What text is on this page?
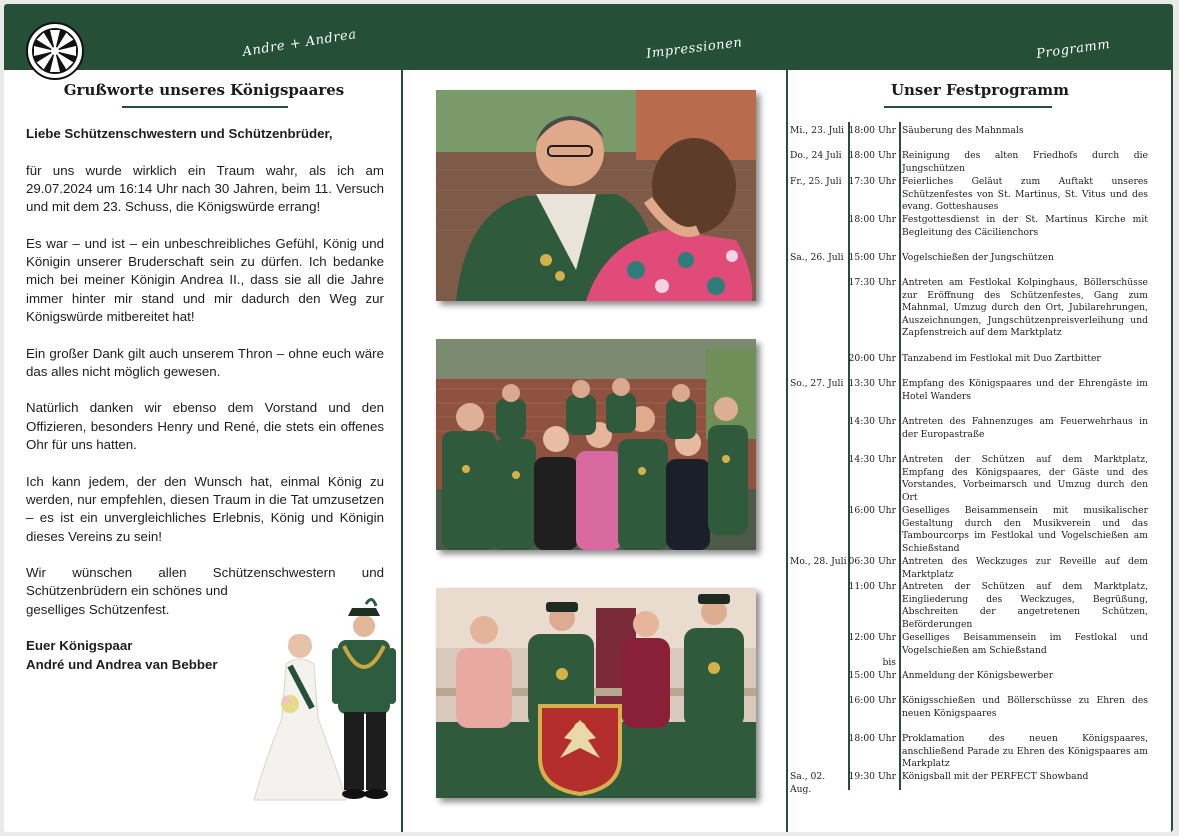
Andre + Andrea	Impressionen	Programm
Grußworte unseres Königspaares

Liebe Schützenschwestern und Schützenbrüder,

für uns wurde wirklich ein Traum wahr, als ich am 29.07.2024 um 16:14 Uhr nach 30 Jahren, beim 11. Versuch und mit dem 23. Schuss, die Königswürde errang!

Es war – und ist – ein unbeschreibliches Gefühl, König und Königin unserer Bruderschaft sein zu dürfen. Ich bedanke mich bei meiner Königin Andrea II., dass sie all die Jahre immer hinter mir stand und mir dadurch den Weg zur Königswürde mitbereitet hat!

Ein großer Dank gilt auch unserem Thron – ohne euch wäre das alles nicht möglich gewesen.

Natürlich danken wir ebenso dem Vorstand und den Offizieren, besonders Henry und René, die stets ein offenes Ohr für uns hatten.

Ich kann jedem, der den Wunsch hat, einmal König zu werden, nur empfehlen, diesen Traum in die Tat umzusetzen – es ist ein unvergleichliches Erlebnis, König und Königin dieses Vereins zu sein!

Wir wünschen allen Schützenschwestern und

Schützenbrüdern ein schönes und geselliges Schützenfest.

Euer Königspaar

André und Andrea van Bebber

Unser Festprogramm
Mi., 23. Juli 18:00 Uhr Säuberung des Mahnmals
Do., 24 Juli 18:00 Uhr Reinigung des alten Friedhofs durch die Jungschützen
Fr., 25. Juli 17:30 Uhr Feierliches Geläut zum Auftakt unseres Schützenfestes von St. Martinus, St. Vitus und des evang. Gotteshauses
18:00 Uhr Festgottesdienst in der St. Martinus Kirche mit Begleitung des Cäcilienchors
Sa., 26. Juli 15:00 Uhr Vogelschießen der Jungschützen
17:30 Uhr Antreten am Festlokal Kolpinghaus, Böllerschüsse zur Eröffnung des Schützenfestes, Gang zum Mahnmal, Umzug durch den Ort, Jubilarehrungen, Auszeichnungen, Jungschützenpreisverleihung und Zapfenstreich auf dem Marktplatz
20:00 Uhr Tanzabend im Festlokal mit Duo Zartbitter
So., 27. Juli 13:30 Uhr Empfang des Königspaares und der Ehrengäste im Hotel Wanders
14:30 Uhr Antreten des Fahnenzuges am Feuerwehrhaus in der Europastraße
14:30 Uhr Antreten der Schützen auf dem Marktplatz, Empfang des Königspaares, der Gäste und des Vorstandes, Vorbeimarsch und Umzug durch den Ort
16:00 Uhr Geselliges Beisammensein mit musikalischer Gestaltung durch den Musikverein und das Tambourcorps im Festlokal und Vogelschießen am Schießstand
Mo., 28. Juli 06:30 Uhr Antreten des Weckzuges zur Reveille auf dem Marktplatz
11:00 Uhr Antreten der Schützen auf dem Marktplatz, Eingliederung des Weckzuges, Begrüßung, Abschreiten der angetretenen Schützen, Beförderungen
12:00 Uhr Geselliges Beisammensein im Festlokal und Vogelschießen am Schießstand
bis
15:00 Uhr Anmeldung der Königsbewerber
16:00 Uhr Königsschießen und Böllerschüsse zu Ehren des neuen Königspaares
18:00 Uhr Proklamation des neuen Königspaares, anschließend Parade zu Ehren des Königspaares am Markplatz
Sa., 02. Aug.
19:30 Uhr Königsball mit der PERFECT Showband
